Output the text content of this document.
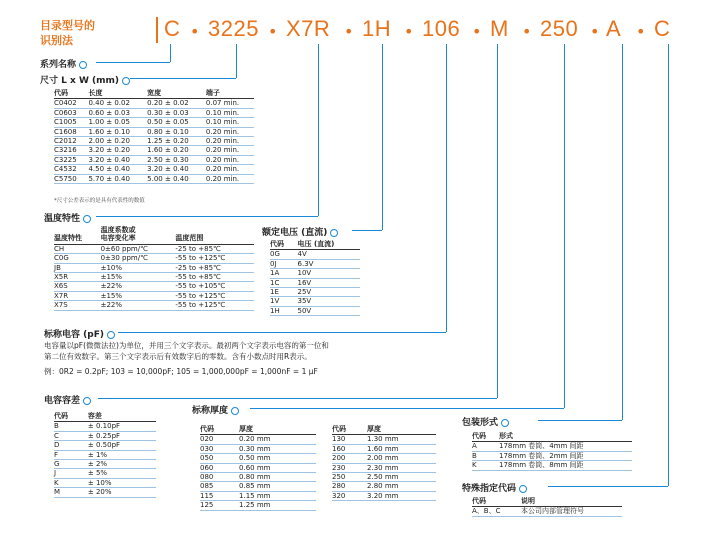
目录型号的
识别法	C • 3225 • X7R • 1H • 106 • M • 250 • A • C
系列名称
尺寸 L x W (mm)
代码	长度	宽度	端子
C0402	0.40 ± 0.02	0.20 ± 0.02	0.07 min.
C0603	0.60 ± 0.03	0.30 ± 0.03	0.10 min.
C1005	1.00 ± 0.05	0.50 ± 0.05	0.10 min.
C1608	1.60 ± 0.10	0.80 ± 0.10	0.20 min.
C2012	2.00 ± 0.20	1.25 ± 0.20	0.20 min.
C3216	3.20 ± 0.20	1.60 ± 0.20	0.20 min.
C3225	3.20 ± 0.40	2.50 ± 0.30	0.20 min.
C4532	4.50 ± 0.40	3.20 ± 0.40	0.20 min.
C5750	5.70 ± 0.40	5.00 ± 0.40	0.20 min.
*尺寸公差表示的是具有代表性的数值
温度特性
温度特性	温度系数或
电容变化率	温度范围
CH	0±60 ppm/℃	-25 to +85℃
C0G	0±30 ppm/℃	-55 to +125℃
JB	±10%	-25 to +85℃
X5R	±15%	-55 to +85℃
X6S	±22%	-55 to +105℃
X7R	±15%	-55 to +125℃
X7S	±22%	-55 to +125℃
额定电压 (直流)
代码	电压 (直流)
0G	4V
0J	6.3V
1A	10V
1C	16V
1E	25V
1V	35V
1H	50V
标称电容 (pF)
电容量以pF(微微法拉)为单位，并用三个文字表示。最初两个文字表示电容的第一位和
第二位有效数字。第三个文字表示后有效数字后的零数。含有小数点时用R表示。
例：0R2 = 0.2pF; 103 = 10,000pF; 105 = 1,000,000pF = 1,000nF = 1 μF
电容容差
代码	容差
B	± 0.10pF
C	± 0.25pF
D	± 0.50pF
F	± 1%
G	± 2%
J	± 5%
K	± 10%
M	± 20%
标称厚度
代码	厚度
020	0.20 mm
030	0.30 mm
050	0.50 mm
060	0.60 mm
080	0.80 mm
085	0.85 mm
115	1.15 mm
125	1.25 mm
代码	厚度
130	1.30 mm
160	1.60 mm
200	2.00 mm
230	2.30 mm
250	2.50 mm
280	2.80 mm
320	3.20 mm
包装形式
代码	形式
A	178mm 卷筒、4mm 间距
B	178mm 卷筒、2mm 间距
K	178mm 卷筒、8mm 间距
特殊指定代码
代码	说明
A、B、C	本公司内部管理符号
